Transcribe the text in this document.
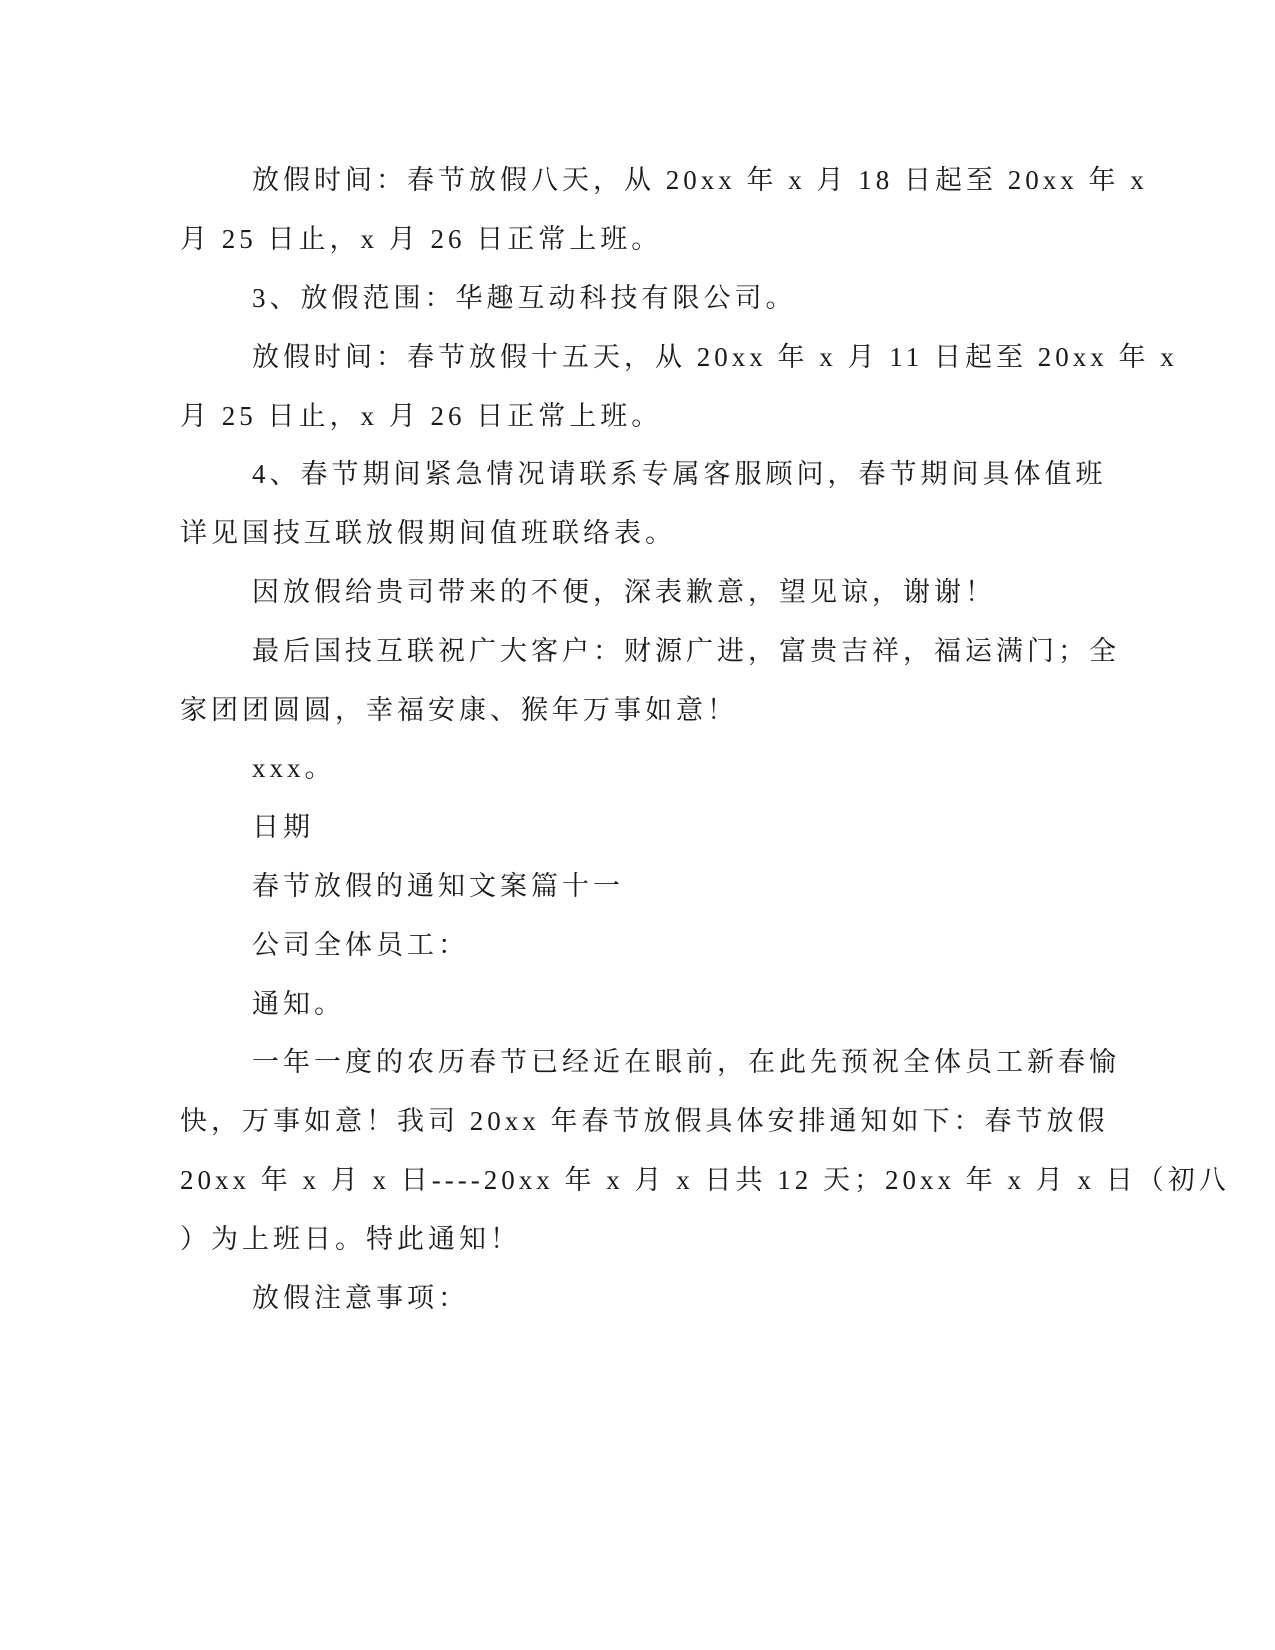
放假时间：春节放假八天，从 20xx 年 x 月 18 日起至 20xx 年 x
月 25 日止，x 月 26 日正常上班。
3、放假范围：华趣互动科技有限公司。
放假时间：春节放假十五天，从 20xx 年 x 月 11 日起至 20xx 年 x
月 25 日止，x 月 26 日正常上班。
4、春节期间紧急情况请联系专属客服顾问，春节期间具体值班
详见国技互联放假期间值班联络表。
因放假给贵司带来的不便，深表歉意，望见谅，谢谢！
最后国技互联祝广大客户：财源广进，富贵吉祥，福运满门；全
家团团圆圆，幸福安康、猴年万事如意！
xxx。
日期
春节放假的通知文案篇十一
公司全体员工：
通知。
一年一度的农历春节已经近在眼前，在此先预祝全体员工新春愉
快，万事如意！我司 20xx 年春节放假具体安排通知如下：春节放假
20xx 年 x 月 x 日----20xx 年 x 月 x 日共 12 天；20xx 年 x 月 x 日（初八
）为上班日。特此通知！
放假注意事项：
